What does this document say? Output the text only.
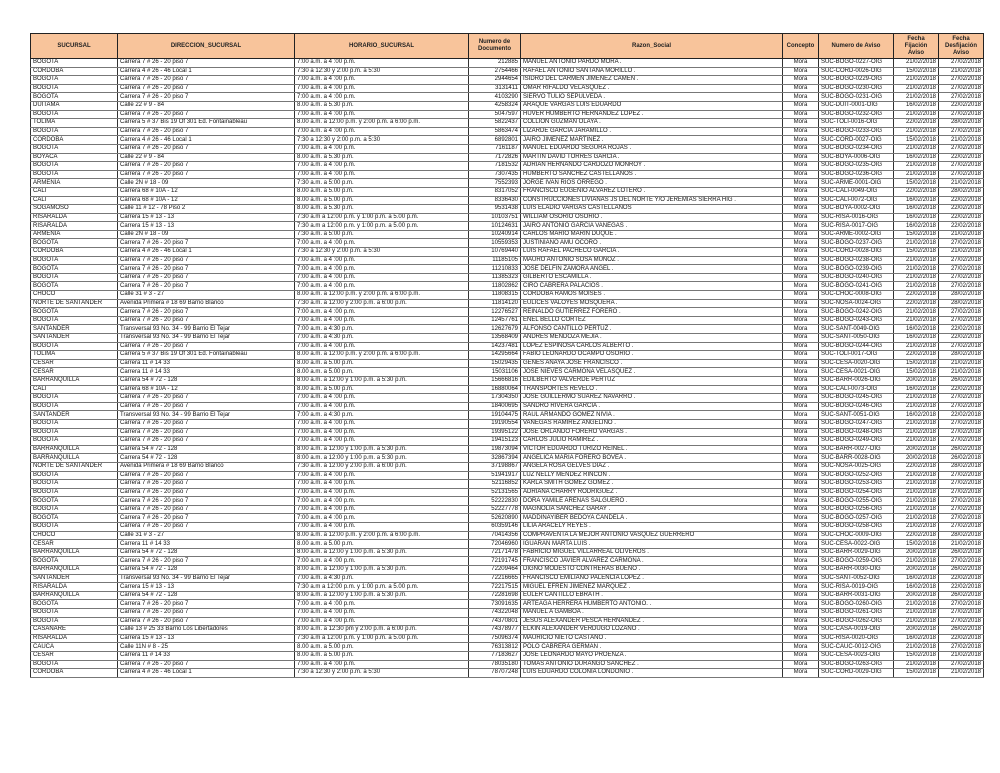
SUCURSAL	DIRECCION_SUCURSAL	HORARIO_SUCURSAL	Numero de Documento	Razon_Social	Concepto	Numero de Aviso	Fecha Fijación Aviso	Fecha Desfijación Aviso
BOGOTA	Carrera 7 # 26 - 20 piso 7	7:00 a.m. a 4 :00 p.m.	212885	MANUEL ANTONIO PARDO MORA .	Mora	SUC-BOGO-0227-OIG	21/02/2018	27/02/2018
CORDOBA	Carrera 4 # 26 - 46 Local 1	7:30 a 12:30 y 2:00 p.m. a 5:30	2754466	RAFAEL ANTONIO SANTANA MORILLO .	Mora	SUC-CORD-0026-OIG	15/02/2018	21/02/2018
BOGOTA	Carrera 7 # 26 - 20 piso 7	7:00 a.m. a 4 :00 p.m.	2944654	ISIDRO DEL CARMEN JIMENEZ CAMEN .	Mora	SUC-BOGO-0229-OIG	21/02/2018	27/02/2018
BOGOTA	Carrera 7 # 26 - 20 piso 7	7:00 a.m. a 4 :00 p.m.	3131411	OMAR RIFALDO VELASQUEZ .	Mora	SUC-BOGO-0230-OIG	21/02/2018	27/02/2018
BOGOTA	Carrera 7 # 26 - 20 piso 7	7:00 a.m. a 4 :00 p.m.	4103290	SIERVO TULIO SEPULVEDA .	Mora	SUC-BOGO-0231-OIG	21/02/2018	27/02/2018
DUITAMA	Calle 22 # 9 - 84	8.00 a.m. a 5.30 p.m.	4258324	ARAQUE VARGAS LUIS EDUARDO	Mora	SUC-DUIT-0001-OIG	16/02/2018	22/02/2018
BOGOTA	Carrera 7 # 26 - 20 piso 7	7:00 a.m. a 4 :00 p.m.	5047597	HUVER HUMBERTO HERNANDEZ LOPEZ .	Mora	SUC-BOGO-0232-OIG	21/02/2018	27/02/2018
TOLIMA	Carrera 5 # 37 Bis 19 Of 301 Ed. Fontainableau	8.00 a.m. a 12:00 p.m. y 2:00 p.m. a 6:00 p.m.	5822437	COLLION GUZMAN OLAYA .	Mora	SUC-TOLI-0016-OIG	22/02/2018	28/02/2018
BOGOTA	Carrera 7 # 26 - 20 piso 7	7:00 a.m. a 4 :00 p.m.	5863474	LIZARDE GARCIA JARAMILLO .	Mora	SUC-BOGO-0233-OIG	21/02/2018	27/02/2018
CORDOBA	Carrera 4 # 26 - 46 Local 1	7:30 a 12:30 y 2:00 p.m. a 5:30	6892801	JAIRO JIMENEZ MARTINEZ .	Mora	SUC-CORD-0027-OIG	15/02/2018	21/02/2018
BOGOTA	Carrera 7 # 26 - 20 piso 7	7:00 a.m. a 4 :00 p.m.	7161187	MANUEL EDUARDO SEGURA ROJAS .	Mora	SUC-BOGO-0234-OIG	21/02/2018	27/02/2018
BOYACA	Calle 22 # 9 - 84	8.00 a.m. a 5.30 p.m.	7172826	MARTIN DAVID TORRES GARCIA .	Mora	SUC-BOYA-0006-OIG	16/02/2018	22/02/2018
BOGOTA	Carrera 7 # 26 - 20 piso 7	7:00 a.m. a 4 :00 p.m.	7181532	ADRIAN HERNANDO CARDOZO MONROY .	Mora	SUC-BOGO-0235-OIG	21/02/2018	27/02/2018
BOGOTA	Carrera 7 # 26 - 20 piso 7	7:00 a.m. a 4 :00 p.m.	7307435	HUMBERTO SANCHEZ CASTELLANOS .	Mora	SUC-BOGO-0236-OIG	21/02/2018	27/02/2018
ARMENIA	Calle 2N # 18 - 09	7:30 a.m. a 5:00 p.m.	7552393	JORGE IVAN RIOS ORREGO .	Mora	SUC-ARME-0001-OIG	15/02/2018	21/02/2018
CALI	Carrera 68 # 10A - 12	8.00 a.m. a 5.00 p.m.	8317052	FRANCISCO EUGENIO ALVAREZ LOTERO .	Mora	SUC-CALI-0049-OIG	22/02/2018	28/02/2018
CALI	Carrera 68 # 10A - 12	8.00 a.m. a 5.00 p.m.	8336430	CONSTRUCCIONES LIVIANAS JS DEL NORTE Y/O JEREMIAS SIERRA HIG .	Mora	SUC-CALI-0072-OIG	16/02/2018	22/02/2018
SOGAMOSO	Calle 11 # 12 - 78 Piso 2	8.00 a.m. a 5.30 p.m.	9531438	LUIS ELADIO VARGAS CASTELLANOS	Mora	SUC-BOYA-0002-OIG	16/02/2018	22/02/2018
RISARALDA	Carrera 15 # 13 - 13	7:30 a.m a 12:00 p.m. y 1:00 p.m. a 5.00 p.m.	10103751	WILLIAM OSORIO OSORIO .	Mora	SUC-RISA-0016-OIG	16/02/2018	22/02/2018
RISARALDA	Carrera 15 # 13 - 13	7:30 a.m a 12:00 p.m. y 1:00 p.m. a 5.00 p.m.	10124631	JAIRO ANTONIO GARCIA VANEGAS .	Mora	SUC-RISA-0017-OIG	16/02/2018	22/02/2018
ARMENIA	Calle 2N # 18 - 09	7:30 a.m. a 5:00 p.m.	10240914	CARLOS MARIO MARIN DUQUE .	Mora	SUC-ARME-0002-OIG	15/02/2018	21/02/2018
BOGOTA	Carrera 7 # 26 - 20 piso 7	7:00 a.m. a 4 :00 p.m.	10559353	JUSTINIANO AMU OCORO .	Mora	SUC-BOGO-0237-OIG	21/02/2018	27/02/2018
CORDOBA	Carrera 4 # 26 - 46 Local 1	7:30 a 12:30 y 2:00 p.m. a 5:30	10769440	LUIS RAFAEL PACHECO GARCIA .	Mora	SUC-CORD-0028-OIG	15/02/2018	21/02/2018
BOGOTA	Carrera 7 # 26 - 20 piso 7	7:00 a.m. a 4 :00 p.m.	11185105	MAURO ANTONIO SOSA MUÑOZ .	Mora	SUC-BOGO-0238-OIG	21/02/2018	27/02/2018
BOGOTA	Carrera 7 # 26 - 20 piso 7	7:00 a.m. a 4 :00 p.m.	11210833	JOSE DELFIN ZAMORA ANGEL .	Mora	SUC-BOGO-0239-OIG	21/02/2018	27/02/2018
BOGOTA	Carrera 7 # 26 - 20 piso 7	7:00 a.m. a 4 :00 p.m.	11385323	GILBERTO ESCAMILLA .	Mora	SUC-BOGO-0240-OIG	21/02/2018	27/02/2018
BOGOTA	Carrera 7 # 26 - 20 piso 7	7:00 a.m. a 4 :00 p.m.	11802862	CIRO CABRERA PALACIOS .	Mora	SUC-BOGO-0241-OIG	21/02/2018	27/02/2018
CHOCO	Calle 31 # 3 - 27	8.00 a.m. a 12:00 p.m. y 2:00 p.m. a 6:00 p.m.	11808315	CORDOBA RAMOS MOISES .	Mora	SUC-CHOC-0008-OIG	22/02/2018	28/02/2018
NORTE DE SANTANDER	Avenida Primera # 18 69 Barrio Blanco	7:30 a.m. a 12:00 y 2:00 p.m. a 6:00 p.m.	11814120	EULICES VALOYES MOSQUERA .	Mora	SUC-NOSA-0024-OIG	22/02/2018	28/02/2018
BOGOTA	Carrera 7 # 26 - 20 piso 7	7:00 a.m. a 4 :00 p.m.	12276527	REINALDO GUTIERREZ FORERO .	Mora	SUC-BOGO-0242-OIG	21/02/2018	27/02/2018
BOGOTA	Carrera 7 # 26 - 20 piso 7	7:00 a.m. a 4 :00 p.m.	12457761	ENEL BELLO CORTEZ	Mora	SUC-BOGO-0243-OIG	21/02/2018	27/02/2018
SANTANDER	Transversal 93 No. 34 - 99 Barrio El Tejar	7:00 a.m. a 4:30 p.m.	12627679	ALFONSO CANTILLO PERTUZ .	Mora	SUC-SANT-0049-OIG	16/02/2018	22/02/2018
SANTANDER	Transversal 93 No. 34 - 99 Barrio El Tejar	7:00 a.m. a 4:30 p.m.	13568409	ANDRES MENDOZA MEJIA .	Mora	SUC-SANT-0050-OIG	16/02/2018	22/02/2018
BOGOTA	Carrera 7 # 26 - 20 piso 7	7:00 a.m. a 4 :00 p.m.	14237481	LOPEZ ESPINOSA CARLOS ALBERTO .	Mora	SUC-BOGO-0244-OIG	21/02/2018	27/02/2018
TOLIMA	Carrera 5 # 37 Bis 19 Of 301 Ed. Fontainableau	8.00 a.m. a 12:00 p.m. y 2:00 p.m. a 6:00 p.m.	14295664	FABIO LEONARDO OCAMPO OSORIO .	Mora	SUC-TOLI-0017-OIG	22/02/2018	28/02/2018
CESAR	Carrera 11 # 14 33	8.00 a.m. a 5.00 p.m.	15029435	GENES ANAYA JOSE FRANCISCO .	Mora	SUC-CESA-0020-OIG	15/02/2018	21/02/2018
CESAR	Carrera 11 # 14 33	8.00 a.m. a 5.00 p.m.	15031106	JOSE NIEVES CARMONA VELASQUEZ .	Mora	SUC-CESA-0021-OIG	15/02/2018	21/02/2018
BARRANQUILLA	Carrera 54 # 72 - 128	8:00 a.m. a 12:00 y 1:00 p.m. a 5:30 p.m.	15666816	EDILBERTO VALVERDE PERTUZ	Mora	SUC-BARR-0026-OIG	20/02/2018	26/02/2018
CALI	Carrera 68 # 10A - 12	8.00 a.m. a 5.00 p.m.	16880064	TRANSPORTES REVELO .	Mora	SUC-CALI-0073-OIG	16/02/2018	22/02/2018
BOGOTA	Carrera 7 # 26 - 20 piso 7	7:00 a.m. a 4 :00 p.m.	17304350	JOSE GUILLERMO SUAREZ NAVARRO .	Mora	SUC-BOGO-0245-OIG	21/02/2018	27/02/2018
BOGOTA	Carrera 7 # 26 - 20 piso 7	7:00 a.m. a 4 :00 p.m.	18400695	SANDRO RIVERA GARCIA .	Mora	SUC-BOGO-0246-OIG	21/02/2018	27/02/2018
SANTANDER	Transversal 93 No. 34 - 99 Barrio El Tejar	7:00 a.m. a 4:30 p.m.	19104475	RAUL ARMANDO GOMEZ NIVIA .	Mora	SUC-SANT-0051-OIG	16/02/2018	22/02/2018
BOGOTA	Carrera 7 # 26 - 20 piso 7	7:00 a.m. a 4 :00 p.m.	19190554	VANEGAS RAMIREZ ANGELINO .	Mora	SUC-BOGO-0247-OIG	21/02/2018	27/02/2018
BOGOTA	Carrera 7 # 26 - 20 piso 7	7:00 a.m. a 4 :00 p.m.	19395122	JOSE ORLANDO FORERO VARGAS .	Mora	SUC-BOGO-0248-OIG	21/02/2018	27/02/2018
BOGOTA	Carrera 7 # 26 - 20 piso 7	7:00 a.m. a 4 :00 p.m.	19415123	CARLOS JULIO RAMIREZ .	Mora	SUC-BOGO-0249-OIG	21/02/2018	27/02/2018
BARRANQUILLA	Carrera 54 # 72 - 128	8:00 a.m. a 12:00 y 1:00 p.m. a 5:30 p.m.	19873094	VICTOR EDUARDO TURIZO REINEL .	Mora	SUC-BARR-0027-OIG	20/02/2018	26/02/2018
BARRANQUILLA	Carrera 54 # 72 - 128	8:00 a.m. a 12:00 y 1:00 p.m. a 5:30 p.m.	32867394	ANGELICA MARIA FORERO BOVEA .	Mora	SUC-BARR-0028-OIG	20/02/2018	26/02/2018
NORTE DE SANTANDER	Avenida Primera # 18 69 Barrio Blanco	7:30 a.m. a 12:00 y 2:00 p.m. a 6:00 p.m.	37198867	ANGELA ROSA GELVES DIAZ .	Mora	SUC-NOSA-0025-OIG	22/02/2018	28/02/2018
BOGOTA	Carrera 7 # 26 - 20 piso 7	7:00 a.m. a 4 :00 p.m.	51941917	LUZ NELLY MENDEZ RINCON .	Mora	SUC-BOGO-0252-OIG	21/02/2018	27/02/2018
BOGOTA	Carrera 7 # 26 - 20 piso 7	7:00 a.m. a 4 :00 p.m.	52116852	KARLA SMITH GOMEZ GOMEZ .	Mora	SUC-BOGO-0253-OIG	21/02/2018	27/02/2018
BOGOTA	Carrera 7 # 26 - 20 piso 7	7:00 a.m. a 4 :00 p.m.	52131565	ADRIANA CHARRY RODRIGUEZ .	Mora	SUC-BOGO-0254-OIG	21/02/2018	27/02/2018
BOGOTA	Carrera 7 # 26 - 20 piso 7	7:00 a.m. a 4 :00 p.m.	52222830	DORA YAMILE ARENAS SALGUERO .	Mora	SUC-BOGO-0255-OIG	21/02/2018	27/02/2018
BOGOTA	Carrera 7 # 26 - 20 piso 7	7:00 a.m. a 4 :00 p.m.	52227778	MAGNOLIA SANCHEZ GARAY .	Mora	SUC-BOGO-0256-OIG	21/02/2018	27/02/2018
BOGOTA	Carrera 7 # 26 - 20 piso 7	7:00 a.m. a 4 :00 p.m.	52620890	MADDINAYIBER BEDOYA CANDELA .	Mora	SUC-BOGO-0257-OIG	21/02/2018	27/02/2018
BOGOTA	Carrera 7 # 26 - 20 piso 7	7:00 a.m. a 4 :00 p.m.	60359146	LILIA ARACELY REYES .	Mora	SUC-BOGO-0258-OIG	21/02/2018	27/02/2018
CHOCO	Calle 31 # 3 - 27	8.00 a.m. a 12:00 p.m. y 2:00 p.m. a 6:00 p.m.	70414356	COMPRAVENTA LA MEJOR ANTONIO VASQUEZ GUERRERO	Mora	SUC-CHOC-0009-OIG	22/02/2018	28/02/2018
CESAR	Carrera 11 # 14 33	8.00 a.m. a 5.00 p.m.	72046960	IGUARAN MARTA LUIS .	Mora	SUC-CESA-0022-OIG	15/02/2018	21/02/2018
BARRANQUILLA	Carrera 54 # 72 - 128	8:00 a.m. a 12:00 y 1:00 p.m. a 5:30 p.m.	72171478	FABRICIO MIGUEL VILLARREAL OLIVEROS .	Mora	SUC-BARR-0029-OIG	20/02/2018	26/02/2018
BOGOTA	Carrera 7 # 26 - 20 piso 7	7:00 a.m. a 4 :00 p.m.	72191745	FRANCISCO JAVIER ALVAREZ CARMONA .	Mora	SUC-BOGO-0259-OIG	21/02/2018	27/02/2018
BARRANQUILLA	Carrera 54 # 72 - 128	8:00 a.m. a 12:00 y 1:00 p.m. a 5:30 p.m.	72209464	DIGNO MODESTO CONTRERAS BUENO .	Mora	SUC-BARR-0030-OIG	20/02/2018	26/02/2018
SANTANDER	Transversal 93 No. 34 - 99 Barrio El Tejar	7:00 a.m. a 4:30 p.m.	72216665	FRANCISCO EMILIANO PALENCIA LOPEZ .	Mora	SUC-SANT-0052-OIG	16/02/2018	22/02/2018
RISARALDA	Carrera 15 # 13 - 13	7:30 a.m a 12:00 p.m. y 1:00 p.m. a 5.00 p.m.	72217515	MIGUEL EFREN JIMENEZ MARQUEZ .	Mora	SUC-RISA-0019-OIG	16/02/2018	22/02/2018
BARRANQUILLA	Carrera 54 # 72 - 128	8:00 a.m. a 12:00 y 1:00 p.m. a 5:30 p.m.	72281698	EULER CANTILLO EBRATH .	Mora	SUC-BARR-0031-OIG	20/02/2018	26/02/2018
BOGOTA	Carrera 7 # 26 - 20 piso 7	7:00 a.m. a 4 :00 p.m.	73091635	ARTEAGA HERRERA HUMBERTO ANTONIO. .	Mora	SUC-BOGO-0260-OIG	21/02/2018	27/02/2018
BOGOTA	Carrera 7 # 26 - 20 piso 7	7:00 a.m. a 4 :00 p.m.	74322048	MANUEL A GAMBOA .	Mora	SUC-BOGO-0261-OIG	21/02/2018	27/02/2018
BOGOTA	Carrera 7 # 26 - 20 piso 7	7:00 a.m. a 4 :00 p.m.	74370801	JESUS ALEXANDER PESCA HERNANDEZ .	Mora	SUC-BOGO-0262-OIG	21/02/2018	27/02/2018
CASANARE	Calle 13 # 25 33 Barrio Los Libertadores	8:00 a.m. a 12:30 pm y 2:00 p.m. a 6:00 p.m.	74378977	ELKIN ALEXANDER VERDUGO LOZANO .	Mora	SUC-CASA-0019-OIG	20/02/2018	26/02/2018
RISARALDA	Carrera 15 # 13 - 13	7:30 a.m a 12:00 p.m. y 1:00 p.m. a 5.00 p.m.	75096374	MAURICIO NIETO CASTAÑO .	Mora	SUC-RISA-0020-OIG	16/02/2018	22/02/2018
CAUCA	Calle 11N # 8 - 25	8.00 a.m. a 5.00 p.m.	76313812	POLO CABRERA GERMAN .	Mora	SUC-CAUC-0012-OIG	21/02/2018	27/02/2018
CESAR	Carrera 11 # 14 33	8.00 a.m. a 5.00 p.m.	77183627	JOSE LEONARDO MAYO PROENZA .	Mora	SUC-CESA-0023-OIG	15/02/2018	21/02/2018
BOGOTA	Carrera 7 # 26 - 20 piso 7	7:00 a.m. a 4 :00 p.m.	78035180	TOMAS ANTONIO DURANGO SANCHEZ .	Mora	SUC-BOGO-0263-OIG	21/02/2018	27/02/2018
CORDOBA	Carrera 4 # 26 - 46 Local 1	7:30 a 12:30 y 2:00 p.m. a 5:30	78707248	LUIS EDUARDO COLONIA LONDONIO .	Mora	SUC-CORD-0029-OIG	15/02/2018	21/02/2018
